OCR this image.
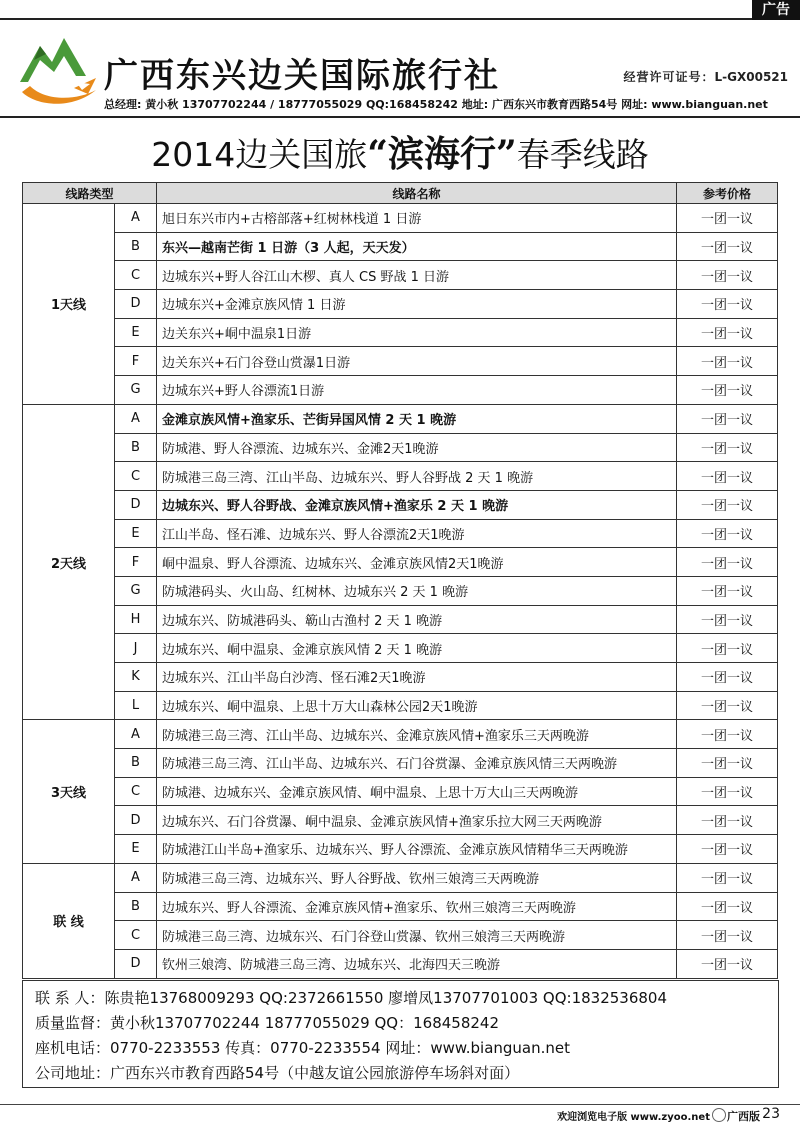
广告
广西东兴边关国际旅行社	经营许可证号：L-GX00521
总经理: 黄小秋 13707702244 / 18777055029 QQ:168458242 地址: 广西东兴市教育西路54号 网址: www.bianguan.net
2014边关国旅“滨海行”春季线路
线路类型		线路名称	参考价格
1天线	A	旭日东兴市内+古榕部落+红树林栈道 1 日游	一团一议
	B	东兴—越南芒街 1 日游（3 人起，天天发）	一团一议
	C	边城东兴+野人谷江山木椤、真人 CS 野战 1 日游	一团一议
	D	边城东兴+金滩京族风情 1 日游	一团一议
	E	边关东兴+峒中温泉1日游	一团一议
	F	边关东兴+石门谷登山赏瀑1日游	一团一议
	G	边城东兴+野人谷漂流1日游	一团一议
2天线	A	金滩京族风情+渔家乐、芒街异国风情 2 天 1 晚游	一团一议
	B	防城港、野人谷漂流、边城东兴、金滩2天1晚游	一团一议
	C	防城港三岛三湾、江山半岛、边城东兴、野人谷野战 2 天 1 晚游	一团一议
	D	边城东兴、野人谷野战、金滩京族风情+渔家乐 2 天 1 晚游	一团一议
	E	江山半岛、怪石滩、边城东兴、野人谷漂流2天1晚游	一团一议
	F	峒中温泉、野人谷漂流、边城东兴、金滩京族风情2天1晚游	一团一议
	G	防城港码头、火山岛、红树林、边城东兴 2 天 1 晚游	一团一议
	H	边城东兴、防城港码头、簕山古渔村 2 天 1 晚游	一团一议
	J	边城东兴、峒中温泉、金滩京族风情 2 天 1 晚游	一团一议
	K	边城东兴、江山半岛白沙湾、怪石滩2天1晚游	一团一议
	L	边城东兴、峒中温泉、上思十万大山森林公园2天1晚游	一团一议
3天线	A	防城港三岛三湾、江山半岛、边城东兴、金滩京族风情+渔家乐三天两晚游	一团一议
	B	防城港三岛三湾、江山半岛、边城东兴、石门谷赏瀑、金滩京族风情三天两晚游	一团一议
	C	防城港、边城东兴、金滩京族风情、峒中温泉、上思十万大山三天两晚游	一团一议
	D	边城东兴、石门谷赏瀑、峒中温泉、金滩京族风情+渔家乐拉大网三天两晚游	一团一议
	E	防城港江山半岛+渔家乐、边城东兴、野人谷漂流、金滩京族风情精华三天两晚游	一团一议
联 线	A	防城港三岛三湾、边城东兴、野人谷野战、钦州三娘湾三天两晚游	一团一议
	B	边城东兴、野人谷漂流、金滩京族风情+渔家乐、钦州三娘湾三天两晚游	一团一议
	C	防城港三岛三湾、边城东兴、石门谷登山赏瀑、钦州三娘湾三天两晚游	一团一议
	D	钦州三娘湾、防城港三岛三湾、边城东兴、北海四天三晚游	一团一议
联 系 人：陈贵艳13768009293 QQ:2372661550 廖增凤13707701003 QQ:1832536804
质量监督：黄小秋13707702244 18777055029 QQ：168458242
座机电话：0770-2233553 传真：0770-2233554 网址：www.bianguan.net
公司地址：广西东兴市教育西路54号（中越友谊公园旅游停车场斜对面）
欢迎浏览电子版 www.zyoo.net 广西版 23
